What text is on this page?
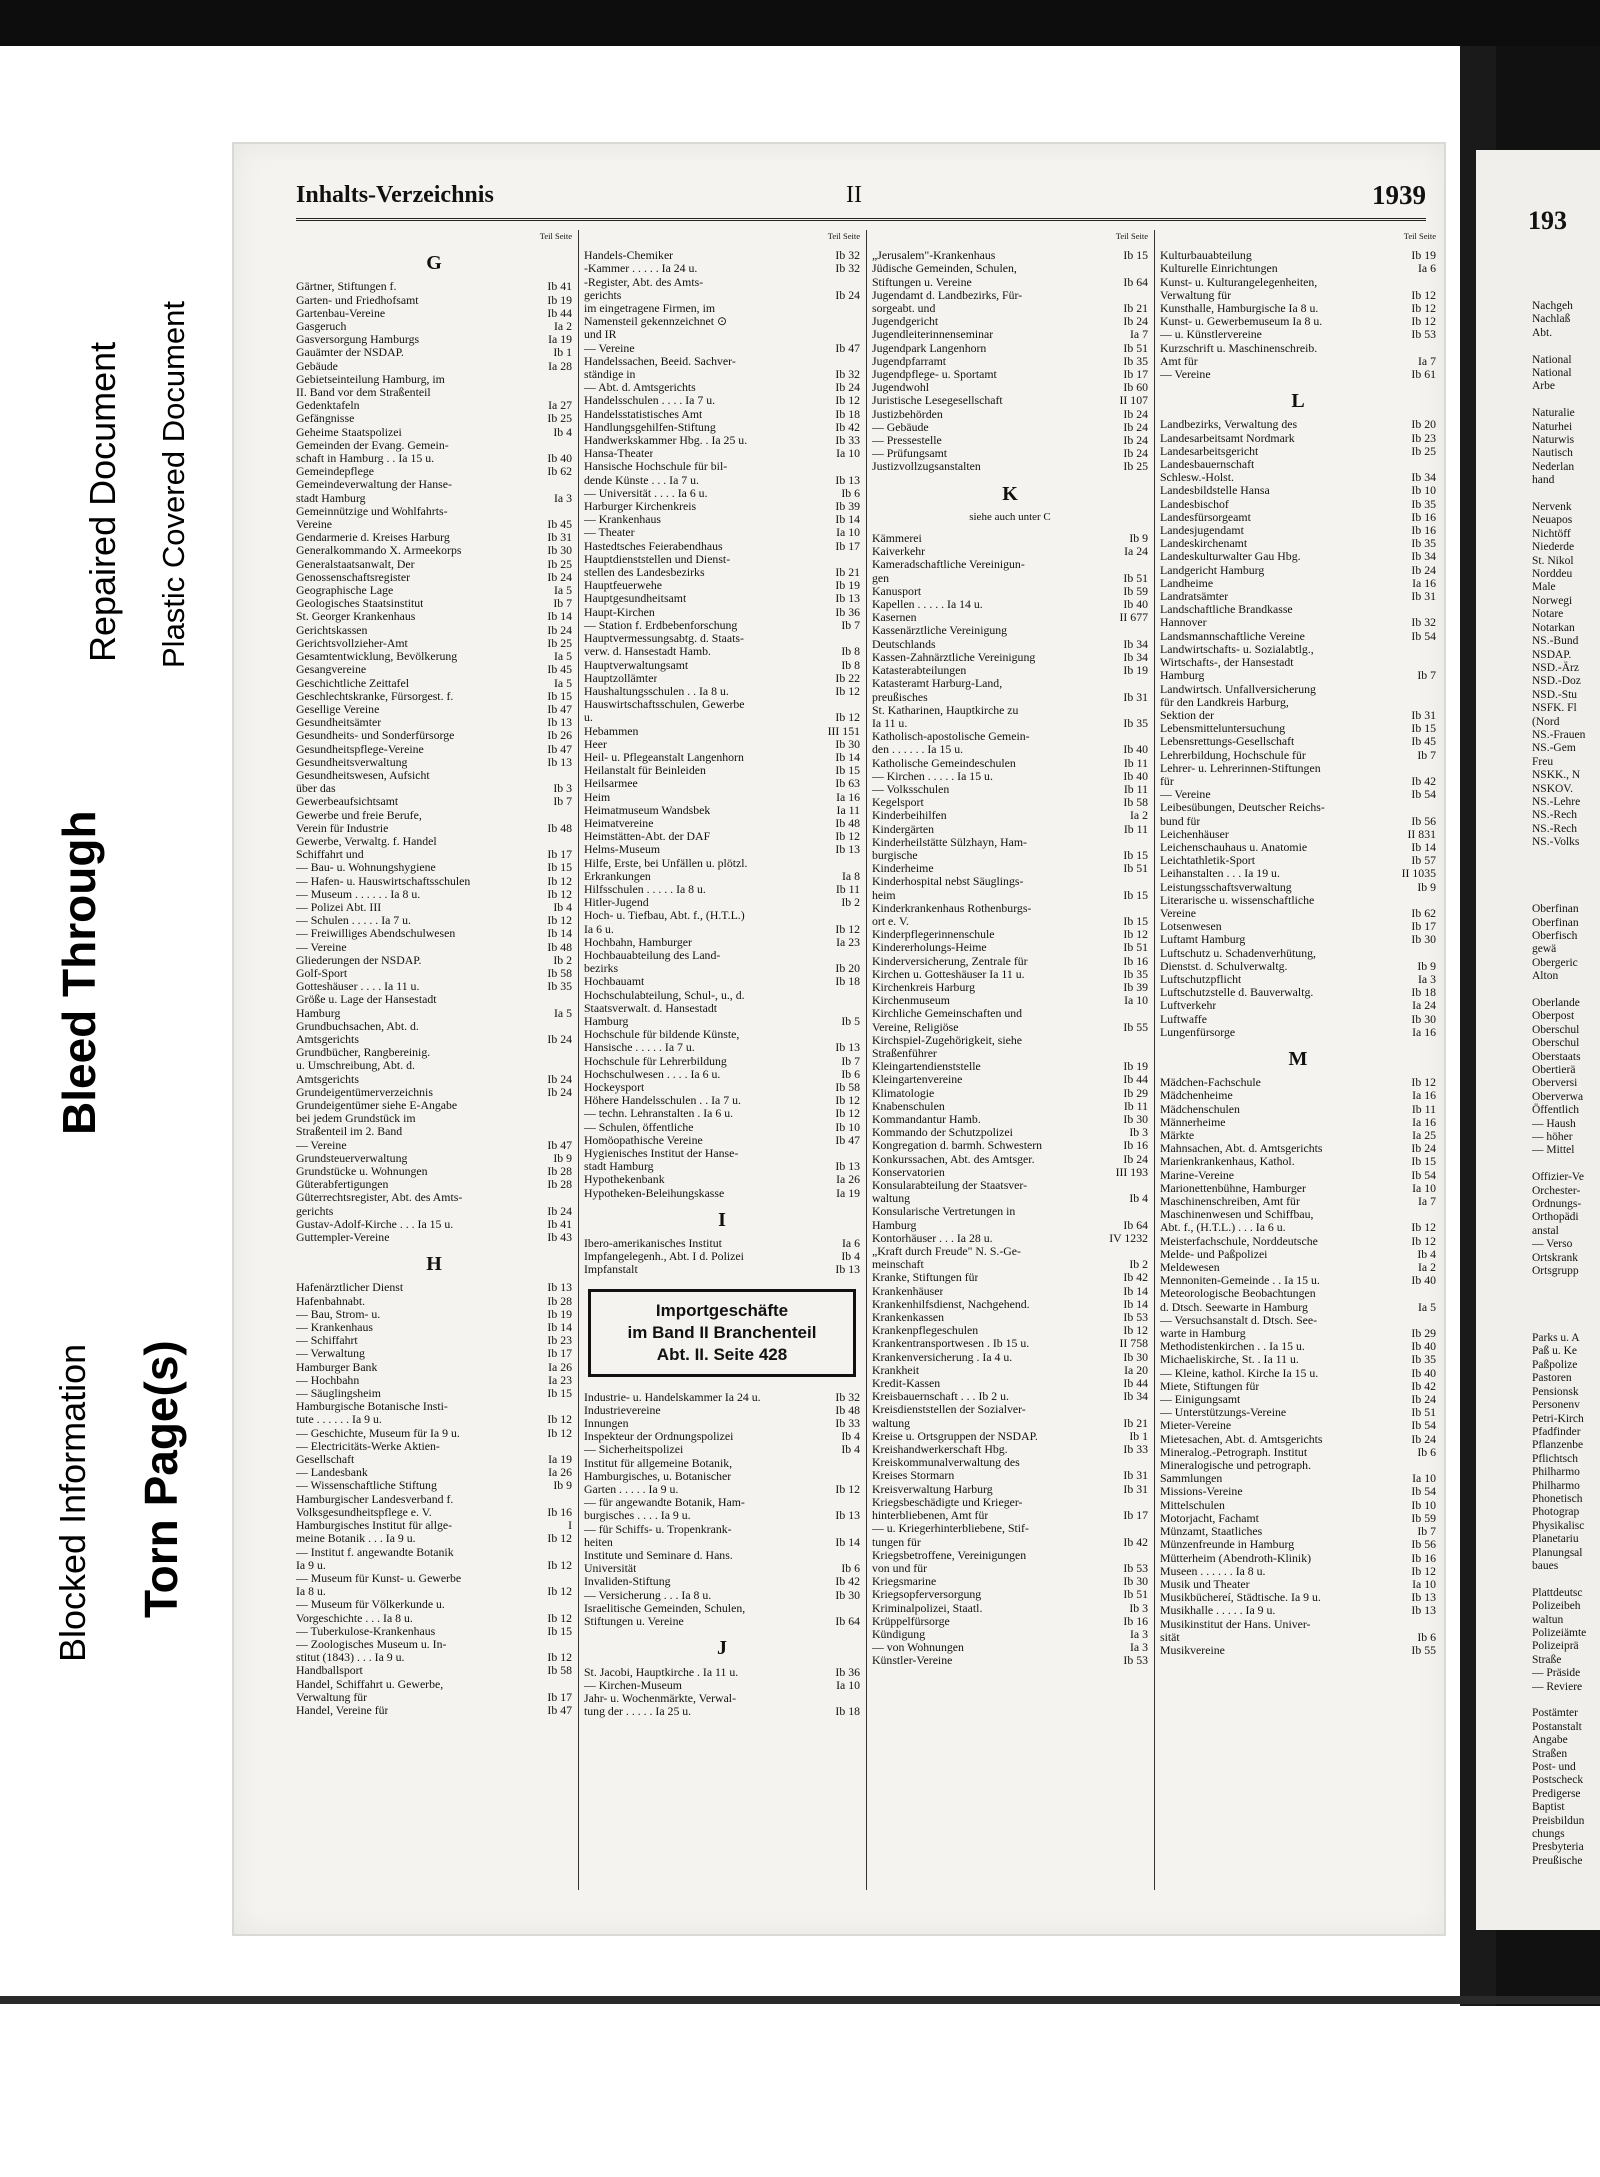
Blocked Information Torn Page(s)
Bleed Through
Repaired Document Plastic Covered Document
Inhalts-Verzeichnis	II	1939
Teil Seite
G
Gärtner, Stiftungen f.	Ib 41
Garten- und Friedhofsamt	Ib 19
Gartenbau-Vereine	Ib 44
Gasgeruch	Ia 2
Gasversorgung Hamburgs	Ia 19
Gauämter der NSDAP.	Ib 1
Gebäude	Ia 28
Gebietseinteilung Hamburg, im
II. Band vor dem Straßenteil
Gedenktafeln	Ia 27
Gefängnisse	Ib 25
Geheime Staatspolizei	Ib 4
Gemeinden der Evang. Gemein-
schaft in Hamburg . . Ia 15 u.	Ib 40
Gemeindepflege	Ib 62
Gemeindeverwaltung der Hanse-
stadt Hamburg	Ia 3
Gemeinnützige und Wohlfahrts-
Vereine	Ib 45
Gendarmerie d. Kreises Harburg	Ib 31
Generalkommando X. Armeekorps	Ib 30
Generalstaatsanwalt, Der	Ib 25
Genossenschaftsregister	Ib 24
Geographische Lage	Ia 5
Geologisches Staatsinstitut	Ib 7
St. Georger Krankenhaus	Ib 14
Gerichtskassen	Ib 24
Gerichtsvollzieher-Amt	Ib 25
Gesamtentwicklung, Bevölkerung	Ia 5
Gesangvereine	Ib 45
Geschichtliche Zeittafel	Ia 5
Geschlechtskranke, Fürsorgest. f.	Ib 15
Gesellige Vereine	Ib 47
Gesundheitsämter	Ib 13
Gesundheits- und Sonderfürsorge	Ib 26
Gesundheitspflege-Vereine	Ib 47
Gesundheitsverwaltung	Ib 13
Gesundheitswesen, Aufsicht
über das	Ib 3
Gewerbeaufsichtsamt	Ib 7
Gewerbe und freie Berufe,
Verein für Industrie	Ib 48
Gewerbe, Verwaltg. f. Handel
Schiffahrt und	Ib 17
— Bau- u. Wohnungshygiene	Ib 15
— Hafen- u. Hauswirtschaftsschulen	Ib 12
— Museum . . . . . . Ia 8 u.	Ib 12
— Polizei Abt. III	Ib 4
— Schulen . . . . . Ia 7 u.	Ib 12
— Freiwilliges Abendschulwesen	Ib 14
— Vereine	Ib 48
Gliederungen der NSDAP.	Ib 2
Golf-Sport	Ib 58
Gotteshäuser . . . . Ia 11 u.	Ib 35
Größe u. Lage der Hansestadt
Hamburg	Ia 5
Grundbuchsachen, Abt. d.
Amtsgerichts	Ib 24
Grundbücher, Rangbereinig.
u. Umschreibung, Abt. d.
Amtsgerichts	Ib 24
Grundeigentümerverzeichnis	Ib 24
Grundeigentümer siehe E-Angabe
bei jedem Grundstück im
Straßenteil im 2. Band
— Vereine	Ib 47
Grundsteuerverwaltung	Ib 9
Grundstücke u. Wohnungen	Ib 28
Güterabfertigungen	Ib 28
Güterrechtsregister, Abt. des Amts-
gerichts	Ib 24
Gustav-Adolf-Kirche . . . Ia 15 u.	Ib 41
Guttempler-Vereine	Ib 43
H
Hafenärztlicher Dienst	Ib 13
Hafenbahnabt.	Ib 28
— Bau, Strom- u.	Ib 19
— Krankenhaus	Ib 14
— Schiffahrt	Ib 23
— Verwaltung	Ib 17
Hamburger Bank	Ia 26
— Hochbahn	Ia 23
— Säuglingsheim	Ib 15
Hamburgische Botanische Insti-
tute . . . . . . Ia 9 u.	Ib 12
— Geschichte, Museum für Ia 9 u.	Ib 12
— Electricitäts-Werke Aktien-
Gesellschaft	Ia 19
— Landesbank	Ia 26
— Wissenschaftliche Stiftung	Ib 9
Hamburgischer Landesverband f.
Volksgesundheitspflege e. V.	Ib 16
Hamburgisches Institut für allge-	I
meine Botanik . . . Ia 9 u.	Ib 12
— Institut f. angewandte Botanik
Ia 9 u.	Ib 12
— Museum für Kunst- u. Gewerbe
Ia 8 u.	Ib 12
— Museum für Völkerkunde u.
Vorgeschichte . . . Ia 8 u.	Ib 12
— Tuberkulose-Krankenhaus	Ib 15
— Zoologisches Museum u. In-
stitut (1843) . . . Ia 9 u.	Ib 12
Handballsport	Ib 58
Handel, Schiffahrt u. Gewerbe,
Verwaltung für	Ib 17
Handel, Vereine für	Ib 47
Teil Seite
Handels-Chemiker	Ib 32
-Kammer . . . . . Ia 24 u.	Ib 32
-Register, Abt. des Amts-
gerichts	Ib 24
im eingetragene Firmen, im
Namensteil gekennzeichnet ⊙
und IR
— Vereine	Ib 47
Handelssachen, Beeid. Sachver-
ständige in	Ib 32
— Abt. d. Amtsgerichts	Ib 24
Handelsschulen . . . . Ia 7 u.	Ib 12
Handelsstatistisches Amt	Ib 18
Handlungsgehilfen-Stiftung	Ib 42
Handwerkskammer Hbg. . Ia 25 u.	Ib 33
Hansa-Theater	Ia 10
Hansische Hochschule für bil-
dende Künste . . . Ia 7 u.	Ib 13
— Universität . . . . Ia 6 u.	Ib 6
Harburger Kirchenkreis	Ib 39
— Krankenhaus	Ib 14
— Theater	Ia 10
Hastedtsches Feierabendhaus	Ib 17
Hauptdienststellen und Dienst-
stellen des Landesbezirks	Ib 21
Hauptfeuerwehe	Ib 19
Hauptgesundheitsamt	Ib 13
Haupt-Kirchen	Ib 36
— Station f. Erdbebenforschung	Ib 7
Hauptvermessungsabtg. d. Staats-
verw. d. Hansestadt Hamb.	Ib 8
Hauptverwaltungsamt	Ib 8
Hauptzollämter	Ib 22
Haushaltungsschulen . . Ia 8 u.	Ib 12
Hauswirtschaftsschulen, Gewerbe
u.	Ib 12
Hebammen	III 151
Heer	Ib 30
Heil- u. Pflegeanstalt Langenhorn	Ib 14
Heilanstalt für Beinleiden	Ib 15
Heilsarmee	Ib 63
Heim	Ia 16
Heimatmuseum Wandsbek	Ia 11
Heimatvereine	Ib 48
Heimstätten-Abt. der DAF	Ib 12
Helms-Museum	Ib 13
Hilfe, Erste, bei Unfällen u. plötzl.
Erkrankungen	Ia 8
Hilfsschulen . . . . . Ia 8 u.	Ib 11
Hitler-Jugend	Ib 2
Hoch- u. Tiefbau, Abt. f., (H.T.L.)
Ia 6 u.	Ib 12
Hochbahn, Hamburger	Ia 23
Hochbauabteilung des Land-
bezirks	Ib 20
Hochbauamt	Ib 18
Hochschulabteilung, Schul-, u., d.
Staatsverwalt. d. Hansestadt
Hamburg	Ib 5
Hochschule für bildende Künste,
Hansische . . . . . Ia 7 u.	Ib 13
Hochschule für Lehrerbildung	Ib 7
Hochschulwesen . . . . Ia 6 u.	Ib 6
Hockeysport	Ib 58
Höhere Handelsschulen . . Ia 7 u.	Ib 12
— techn. Lehranstalten . Ia 6 u.	Ib 12
— Schulen, öffentliche	Ib 10
Homöopathische Vereine	Ib 47
Hygienisches Institut der Hanse-
stadt Hamburg	Ib 13
Hypothekenbank	Ia 26
Hypotheken-Beleihungskasse	Ia 19
I
Ibero-amerikanisches Institut	Ia 6
Impfangelegenh., Abt. I d. Polizei	Ib 4
Impfanstalt	Ib 13
Importgeschäfte
im Band II Branchenteil
Abt. II. Seite 428
Industrie- u. Handelskammer Ia 24 u.	Ib 32
Industrievereine	Ib 48
Innungen	Ib 33
Inspekteur der Ordnungspolizei	Ib 4
— Sicherheitspolizei	Ib 4
Institut für allgemeine Botanik,
Hamburgisches, u. Botanischer
Garten . . . . . Ia 9 u.	Ib 12
— für angewandte Botanik, Ham-
burgisches . . . . Ia 9 u.	Ib 13
— für Schiffs- u. Tropenkrank-
heiten	Ib 14
Institute und Seminare d. Hans.
Universität	Ib 6
Invaliden-Stiftung	Ib 42
— Versicherung . . . Ia 8 u.	Ib 30
Israelitische Gemeinden, Schulen,
Stiftungen u. Vereine	Ib 64
J
St. Jacobi, Hauptkirche . Ia 11 u.	Ib 36
— Kirchen-Museum	Ia 10
Jahr- u. Wochenmärkte, Verwal-
tung der . . . . . Ia 25 u.	Ib 18
Teil Seite
„Jerusalem"-Krankenhaus	Ib 15
Jüdische Gemeinden, Schulen,
Stiftungen u. Vereine	Ib 64
Jugendamt d. Landbezirks, Für-
sorgeabt. und	Ib 21
Jugendgericht	Ib 24
Jugendleiterinnenseminar	Ia 7
Jugendpark Langenhorn	Ib 51
Jugendpfarramt	Ib 35
Jugendpflege- u. Sportamt	Ib 17
Jugendwohl	Ib 60
Juristische Lesegesellschaft	II 107
Justizbehörden	Ib 24
— Gebäude	Ib 24
— Pressestelle	Ib 24
— Prüfungsamt	Ib 24
Justizvollzugsanstalten	Ib 25
K
siehe auch unter C
Kämmerei	Ib 9
Kaiverkehr	Ia 24
Kameradschaftliche Vereinigun-
gen	Ib 51
Kanusport	Ib 59
Kapellen . . . . . Ia 14 u.	Ib 40
Kasernen	II 677
Kassenärztliche Vereinigung
Deutschlands	Ib 34
Kassen-Zahnärztliche Vereinigung	Ib 34
Katasterabteilungen	Ib 19
Katasteramt Harburg-Land,
preußisches	Ib 31
St. Katharinen, Hauptkirche zu
Ia 11 u.	Ib 35
Katholisch-apostolische Gemein-
den . . . . . . Ia 15 u.	Ib 40
Katholische Gemeindeschulen	Ib 11
— Kirchen . . . . . Ia 15 u.	Ib 40
— Volksschulen	Ib 11
Kegelsport	Ib 58
Kinderbeihilfen	Ia 2
Kindergärten	Ib 11
Kinderheilstätte Sülzhayn, Ham-
burgische	Ib 15
Kinderheime	Ib 51
Kinderhospital nebst Säuglings-
heim	Ib 15
Kinderkrankenhaus Rothenburgs-
ort e. V.	Ib 15
Kinderpflegerinnenschule	Ib 12
Kindererholungs-Heime	Ib 51
Kinderversicherung, Zentrale für	Ib 16
Kirchen u. Gotteshäuser Ia 11 u.	Ib 35
Kirchenkreis Harburg	Ib 39
Kirchenmuseum	Ia 10
Kirchliche Gemeinschaften und
Vereine, Religiöse	Ib 55
Kirchspiel-Zugehörigkeit, siehe
Straßenführer
Kleingartendienststelle	Ib 19
Kleingartenvereine	Ib 44
Klimatologie	Ib 29
Knabenschulen	Ib 11
Kommandantur Hamb.	Ib 30
Kommando der Schutzpolizei	Ib 3
Kongregation d. barmh. Schwestern	Ib 16
Konkurssachen, Abt. des Amtsger.	Ib 24
Konservatorien	III 193
Konsularabteilung der Staatsver-
waltung	Ib 4
Konsularische Vertretungen in
Hamburg	Ib 64
Kontorhäuser . . . Ia 28 u.	IV 1232
„Kraft durch Freude" N. S.-Ge-
meinschaft	Ib 2
Kranke, Stiftungen für	Ib 42
Krankenhäuser	Ib 14
Krankenhilfsdienst, Nachgehend.	Ib 14
Krankenkassen	Ib 53
Krankenpflegeschulen	Ib 12
Krankentransportwesen . Ib 15 u.	II 758
Krankenversicherung . Ia 4 u.	Ib 30
Krankheit	Ia 20
Kredit-Kassen	Ib 44
Kreisbauernschaft . . . Ib 2 u.	Ib 34
Kreisdienststellen der Sozialver-
waltung	Ib 21
Kreise u. Ortsgruppen der NSDAP.	Ib 1
Kreishandwerkerschaft Hbg.	Ib 33
Kreiskommunalverwaltung des
Kreises Stormarn	Ib 31
Kreisverwaltung Harburg	Ib 31
Kriegsbeschädigte und Krieger-
hinterbliebenen, Amt für	Ib 17
— u. Kriegerhinterbliebene, Stif-
tungen für	Ib 42
Kriegsbetroffene, Vereinigungen
von und für	Ib 53
Kriegsmarine	Ib 30
Kriegsopferversorgung	Ib 51
Kriminalpolizei, Staatl.	Ib 3
Krüppelfürsorge	Ib 16
Kündigung	Ia 3
— von Wohnungen	Ia 3
Künstler-Vereine	Ib 53
Teil Seite
Kulturbauabteilung	Ib 19
Kulturelle Einrichtungen	Ia 6
Kunst- u. Kulturangelegenheiten,
Verwaltung für	Ib 12
Kunsthalle, Hamburgische Ia 8 u.	Ib 12
Kunst- u. Gewerbemuseum Ia 8 u.	Ib 12
— u. Künstlervereine	Ib 53
Kurzschrift u. Maschinenschreib.
Amt für	Ia 7
— Vereine	Ib 61
L
Landbezirks, Verwaltung des	Ib 20
Landesarbeitsamt Nordmark	Ib 23
Landesarbeitsgericht	Ib 25
Landesbauernschaft
Schlesw.-Holst.	Ib 34
Landesbildstelle Hansa	Ib 10
Landesbischof	Ib 35
Landesfürsorgeamt	Ib 16
Landesjugendamt	Ib 16
Landeskirchenamt	Ib 35
Landeskulturwalter Gau Hbg.	Ib 34
Landgericht Hamburg	Ib 24
Landheime	Ia 16
Landratsämter	Ib 31
Landschaftliche Brandkasse
Hannover	Ib 32
Landsmannschaftliche Vereine	Ib 54
Landwirtschafts- u. Sozialabtlg.,
Wirtschafts-, der Hansestadt
Hamburg	Ib 7
Landwirtsch. Unfallversicherung
für den Landkreis Harburg,
Sektion der	Ib 31
Lebensmitteluntersuchung	Ib 15
Lebensrettungs-Gesellschaft	Ib 45
Lehrerbildung, Hochschule für	Ib 7
Lehrer- u. Lehrerinnen-Stiftungen
für	Ib 42
— Vereine	Ib 54
Leibesübungen, Deutscher Reichs-
bund für	Ib 56
Leichenhäuser	II 831
Leichenschauhaus u. Anatomie	Ib 14
Leichtathletik-Sport	Ib 57
Leihanstalten . . . Ia 19 u.	II 1035
Leistungsschaftsverwaltung	Ib 9
Literarische u. wissenschaftliche
Vereine	Ib 62
Lotsenwesen	Ib 17
Luftamt Hamburg	Ib 30
Luftschutz u. Schadenverhütung,
Dienstst. d. Schulverwaltg.	Ib 9
Luftschutzpflicht	Ia 3
Luftschutzstelle d. Bauverwaltg.	Ib 18
Luftverkehr	Ia 24
Luftwaffe	Ib 30
Lungenfürsorge	Ia 16
M
Mädchen-Fachschule	Ib 12
Mädchenheime	Ia 16
Mädchenschulen	Ib 11
Männerheime	Ia 16
Märkte	Ia 25
Mahnsachen, Abt. d. Amtsgerichts	Ib 24
Marienkrankenhaus, Kathol.	Ib 15
Marine-Vereine	Ib 54
Marionettenbühne, Hamburger	Ia 10
Maschinenschreiben, Amt für	Ia 7
Maschinenwesen und Schiffbau,
Abt. f., (H.T.L.) . . . Ia 6 u.	Ib 12
Meisterfachschule, Norddeutsche	Ib 12
Melde- und Paßpolizei	Ib 4
Meldewesen	Ia 2
Mennoniten-Gemeinde . . Ia 15 u.	Ib 40
Meteorologische Beobachtungen
d. Dtsch. Seewarte in Hamburg	Ia 5
— Versuchsanstalt d. Dtsch. See-
warte in Hamburg	Ib 29
Methodistenkirchen . . Ia 15 u.	Ib 40
Michaeliskirche, St. . Ia 11 u.	Ib 35
— Kleine, kathol. Kirche Ia 15 u.	Ib 40
Miete, Stiftungen für	Ib 42
— Einigungsamt	Ib 24
— Unterstützungs-Vereine	Ib 51
Mieter-Vereine	Ib 54
Mietesachen, Abt. d. Amtsgerichts	Ib 24
Mineralog.-Petrograph. Institut	Ib 6
Mineralogische und petrograph.
Sammlungen	Ia 10
Missions-Vereine	Ib 54
Mittelschulen	Ib 10
Motorjacht, Fachamt	Ib 59
Münzamt, Staatliches	Ib 7
Münzenfreunde in Hamburg	Ib 56
Mütterheim (Abendroth-Klinik)	Ib 16
Museen . . . . . . Ia 8 u.	Ib 12
Musik und Theater	Ia 10
Musikbüchereí, Städtische. Ia 9 u.	Ib 13
Musikhalle . . . . . Ia 9 u.	Ib 13
Musikinstitut der Hans. Univer-
sität	Ib 6
Musikvereine	Ib 55
193
Nachgeh
Nachlaß
Abt.
National
National
Arbe
Naturalie
Naturhei
Naturwis
Nautisch
Nederlan
hand
Nervenk
Neuapos
Nichtöff
Niederde
St. Nikol
Norddeu
Male
Norwegi
Notare
Notarkan
NS.-Bund
NSDAP.
NSD.-Ärz
NSD.-Doz
NSD.-Stu
NSFK. Fl
(Nord
NS.-Frauen
NS.-Gem
Freu
NSKK., N
NSKOV.
NS.-Lehre
NS.-Rech
NS.-Rech
NS.-Volks
Oberfinan
Oberfinan
Oberfisch
gewä
Obergeric
Alton
Oberlande
Oberpost
Oberschul
Oberschul
Oberstaats
Obertierä
Oberversi
Oberverwa
Öffentlich
— Haush
— höher
— Mittel
Offizier-Ve
Orchester-
Ordnungs-
Orthopädi
anstal
— Verso
Ortskrank
Ortsgrupp
Parks u. A
Paß u. Ke
Paßpolize
Pastoren
Pensionsk
Personenv
Petri-Kirch
Pfadfinder
Pflanzenbe
Pflichtsch
Philharmo
Philharmo
Phonetisch
Photograp
Physikalisc
Planetariu
Planungsal
baues
Plattdeutsc
Polizeibeh
waltun
Polizeiämte
Polizeiprä
Straße
— Präside
— Reviere
Postämter
Postanstalt
Angabe
Straßen
Post- und
Postscheck
Predigerse
Baptist
Preisbildun
chungs
Presbyteria
Preußische
